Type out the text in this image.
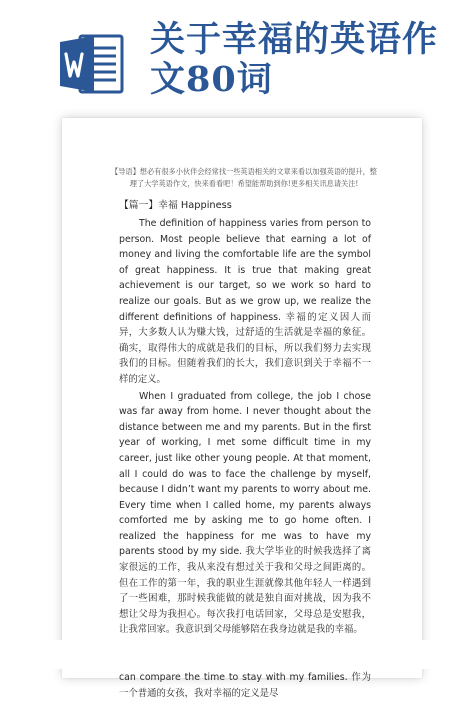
关于幸福的英语作文80词
【导语】想必有很多小伙伴会经常找一些英语相关的文章来看以加强英语的提升，整理了大学英语作文，快来看看吧！希望能帮助到你!更多相关讯息请关注!
【篇一】幸福 Happiness

The definition of happiness varies from person to person. Most people believe that earning a lot of money and living the comfortable life are the symbol of great happiness. It is true that making great achievement is our target, so we work so hard to realize our goals. But as we grow up, we realize the different definitions of happiness. 幸福的定义因人而异，大多数人认为赚大钱，过舒适的生活就是幸福的象征。确实，取得伟大的成就是我们的目标，所以我们努力去实现我们的目标。但随着我们的长大，我们意识到关于幸福不一样的定义。

When I graduated from college, the job I chose was far away from home. I never thought about the distance between me and my parents. But in the first year of working, I met some difficult time in my career, just like other young people. At that moment, all I could do was to face the challenge by myself, because I didn’t want my parents to worry about me. Every time when I called home, my parents always comforted me by asking me to go home often. I realized the happiness for me was to have my parents stood by my side. 我大学毕业的时候我选择了离家很远的工作，我从来没有想过关于我和父母之间距离的。但在工作的第一年，我的职业生涯就像其他年轻人一样遇到了一些困难，那时候我能做的就是独自面对挑战，因为我不想让父母为我担心。每次我打电话回家，父母总是安慰我，让我常回家。我意识到父母能够陪在我身边就是我的幸福。

can compare the time to stay with my families. 作为一个普通的女孩，我对幸福的定义是尽
